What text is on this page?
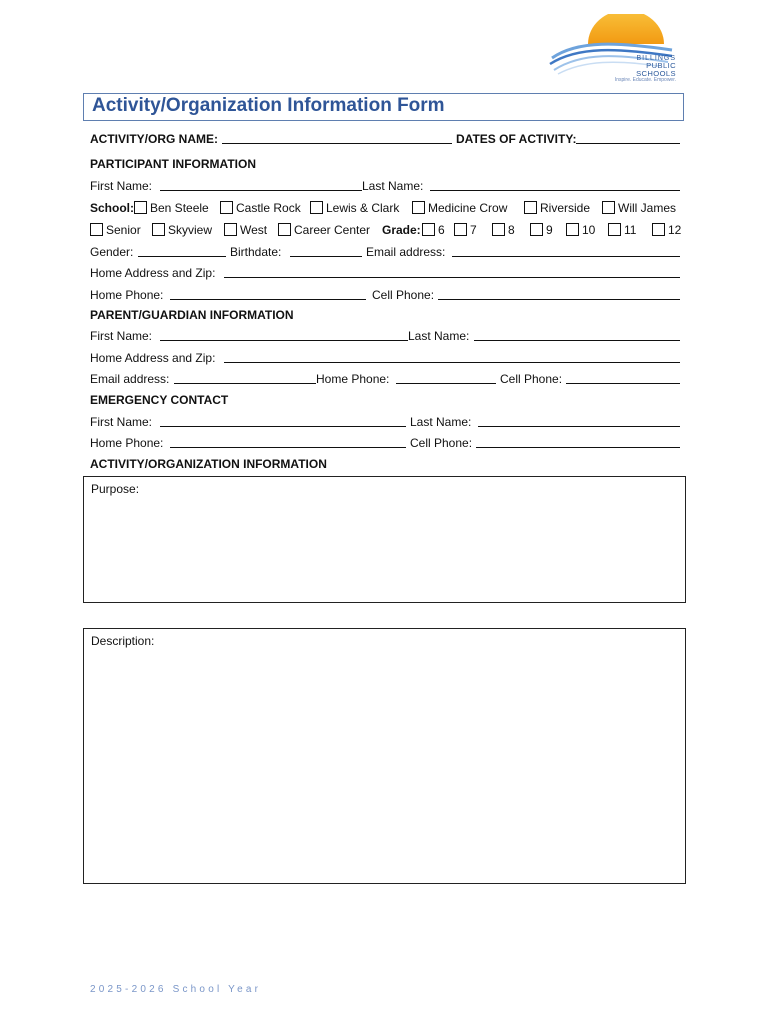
BILLINGS
PUBLIC SCHOOLS
Inspire. Educate. Empower.
Activity/Organization Information Form
ACTIVITY/ORG NAME:	DATES OF ACTIVITY:
PARTICIPANT INFORMATION
First Name:	Last Name:
School:	Ben Steele	Castle Rock	Lewis & Clark	Medicine Crow	Riverside	Will James
Senior	Skyview	West	Career Center Grade:	6	7	8	9	10	11	12
Gender:	Birthdate:	Email address:
Home Address and Zip:
Home Phone:	Cell Phone:
PARENT/GUARDIAN INFORMATION
First Name:	Last Name:
Home Address and Zip:
Email address:	Home Phone:	Cell Phone:
EMERGENCY CONTACT
First Name:	Last Name:
Home Phone:	Cell Phone:
ACTIVITY/ORGANIZATION INFORMATION
Purpose:
Description:
2025-2026 School Year
